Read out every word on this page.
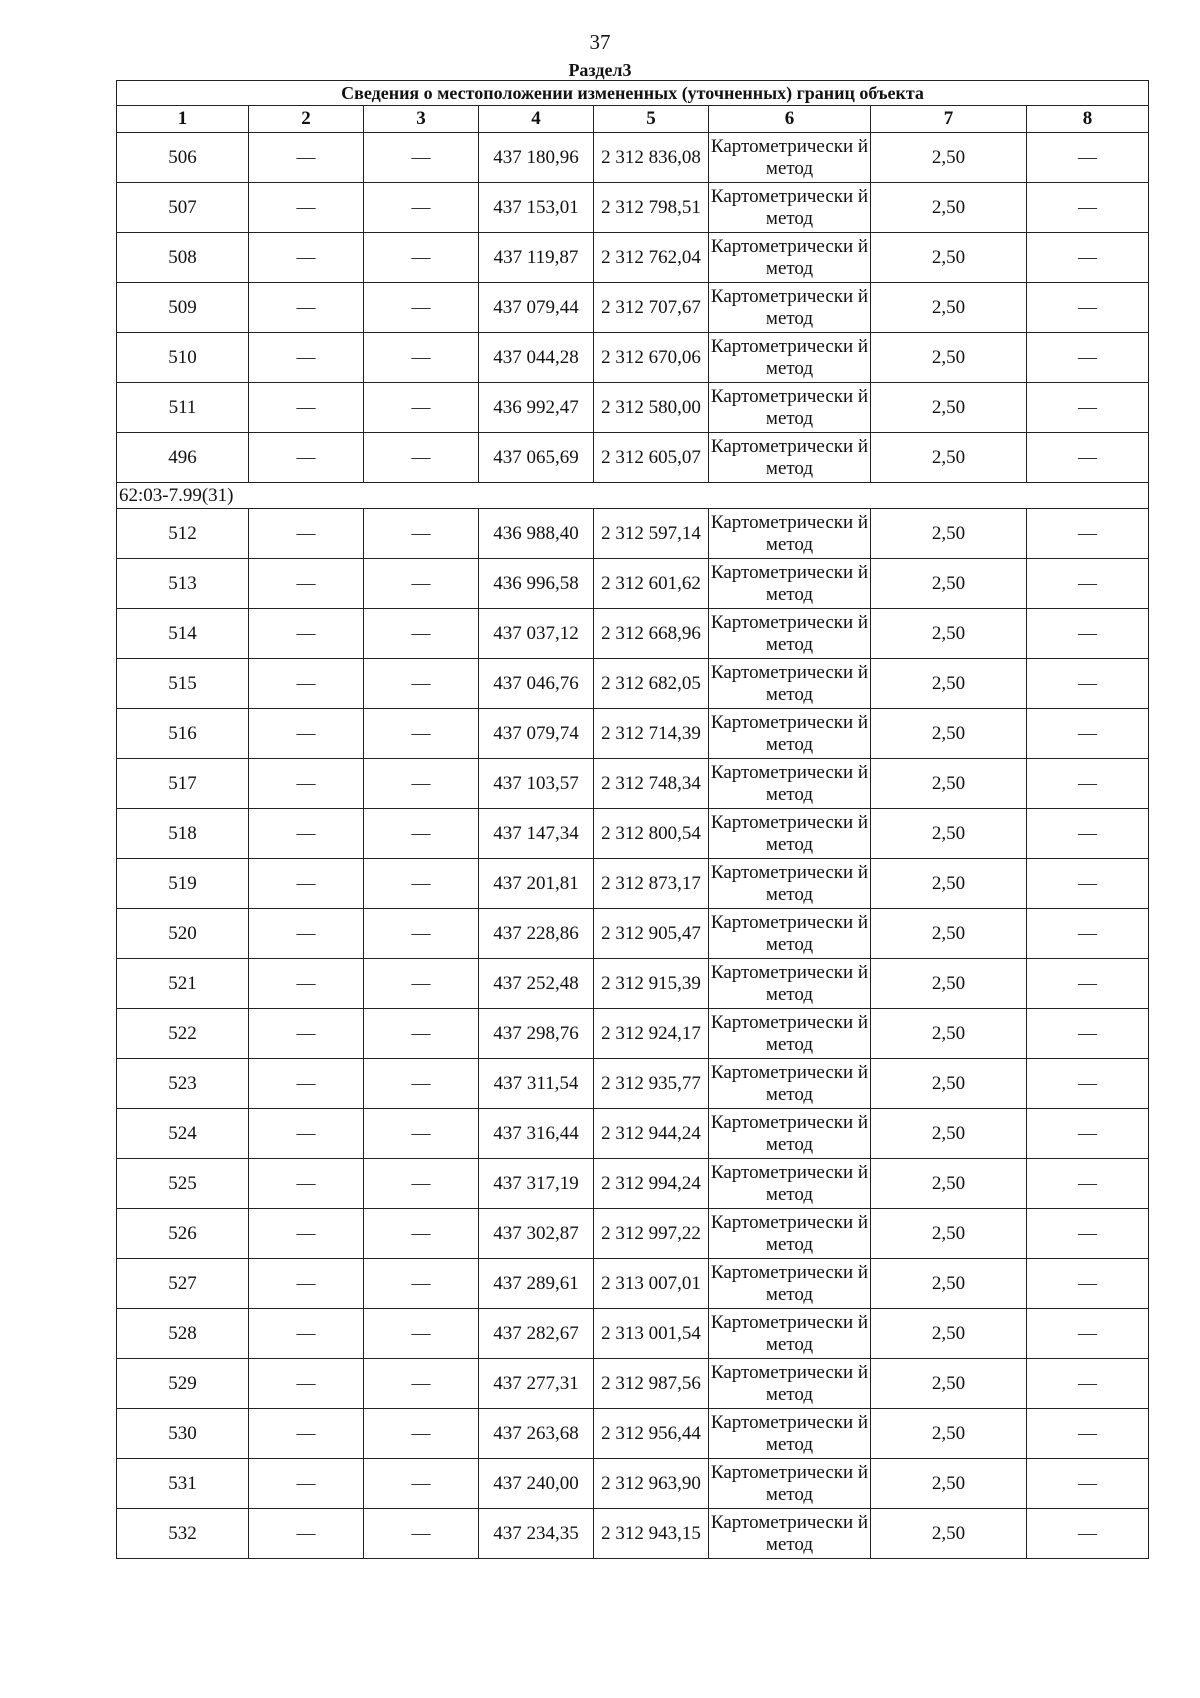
37
Раздел3
Сведения о местоположении измененных (уточненных) границ объекта							
1	2	3	4	5	6	7	8
506	—	—	437 180,96	2 312 836,08	Картометрически й метод	2,50	—
507	—	—	437 153,01	2 312 798,51	Картометрически й метод	2,50	—
508	—	—	437 119,87	2 312 762,04	Картометрически й метод	2,50	—
509	—	—	437 079,44	2 312 707,67	Картометрически й метод	2,50	—
510	—	—	437 044,28	2 312 670,06	Картометрически й метод	2,50	—
511	—	—	436 992,47	2 312 580,00	Картометрически й метод	2,50	—
496	—	—	437 065,69	2 312 605,07	Картометрически й метод	2,50	—
62:03-7.99(31)							
512	—	—	436 988,40	2 312 597,14	Картометрически й метод	2,50	—
513	—	—	436 996,58	2 312 601,62	Картометрически й метод	2,50	—
514	—	—	437 037,12	2 312 668,96	Картометрически й метод	2,50	—
515	—	—	437 046,76	2 312 682,05	Картометрически й метод	2,50	—
516	—	—	437 079,74	2 312 714,39	Картометрически й метод	2,50	—
517	—	—	437 103,57	2 312 748,34	Картометрически й метод	2,50	—
518	—	—	437 147,34	2 312 800,54	Картометрически й метод	2,50	—
519	—	—	437 201,81	2 312 873,17	Картометрически й метод	2,50	—
520	—	—	437 228,86	2 312 905,47	Картометрически й метод	2,50	—
521	—	—	437 252,48	2 312 915,39	Картометрически й метод	2,50	—
522	—	—	437 298,76	2 312 924,17	Картометрически й метод	2,50	—
523	—	—	437 311,54	2 312 935,77	Картометрически й метод	2,50	—
524	—	—	437 316,44	2 312 944,24	Картометрически й метод	2,50	—
525	—	—	437 317,19	2 312 994,24	Картометрически й метод	2,50	—
526	—	—	437 302,87	2 312 997,22	Картометрически й метод	2,50	—
527	—	—	437 289,61	2 313 007,01	Картометрически й метод	2,50	—
528	—	—	437 282,67	2 313 001,54	Картометрически й метод	2,50	—
529	—	—	437 277,31	2 312 987,56	Картометрически й метод	2,50	—
530	—	—	437 263,68	2 312 956,44	Картометрически й метод	2,50	—
531	—	—	437 240,00	2 312 963,90	Картометрически й метод	2,50	—
532	—	—	437 234,35	2 312 943,15	Картометрически й метод	2,50	—
